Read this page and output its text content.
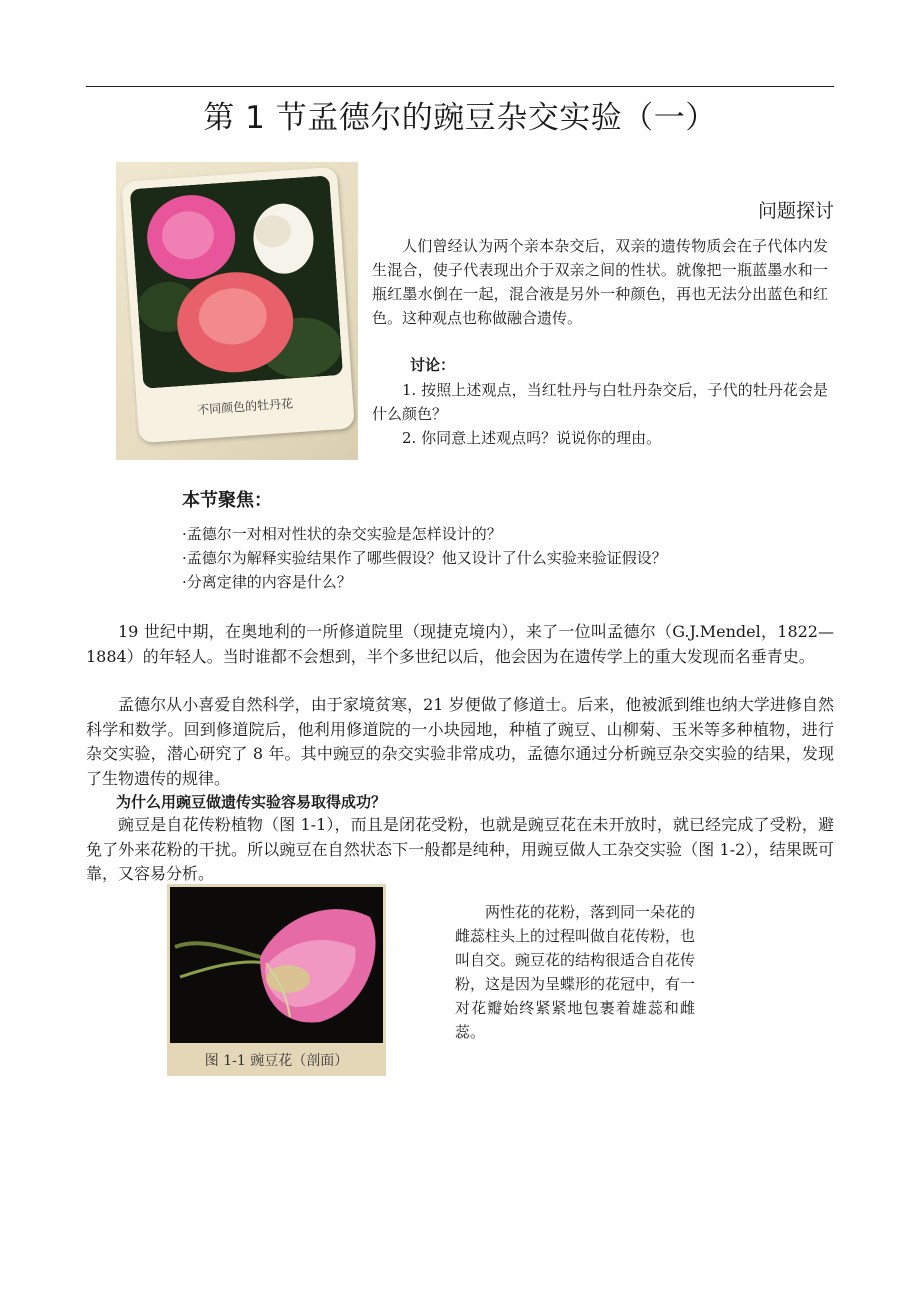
第 1 节孟德尔的豌豆杂交实验（一）
不同颜色的牡丹花
问题探讨

人们曾经认为两个亲本杂交后，双亲的遗传物质会在子代体内发生混合，使子代表现出介于双亲之间的性状。就像把一瓶蓝墨水和一瓶红墨水倒在一起，混合液是另外一种颜色，再也无法分出蓝色和红色。这种观点也称做融合遗传。

讨论：

1. 按照上述观点，当红牡丹与白牡丹杂交后，子代的牡丹花会是什么颜色？

2. 你同意上述观点吗？说说你的理由。

本节聚焦：
·孟德尔一对相对性状的杂交实验是怎样设计的？
·孟德尔为解释实验结果作了哪些假设？他又设计了什么实验来验证假设？
·分离定律的内容是什么？

19 世纪中期，在奥地利的一所修道院里（现捷克境内），来了一位叫孟德尔（G.J.Mendel，1822—1884）的年轻人。当时谁都不会想到，半个多世纪以后，他会因为在遗传学上的重大发现而名垂青史。

孟德尔从小喜爱自然科学，由于家境贫寒，21 岁便做了修道士。后来，他被派到维也纳大学进修自然科学和数学。回到修道院后，他利用修道院的一小块园地，种植了豌豆、山柳菊、玉米等多种植物，进行杂交实验，潜心研究了 8 年。其中豌豆的杂交实验非常成功，孟德尔通过分析豌豆杂交实验的结果，发现了生物遗传的规律。

为什么用豌豆做遗传实验容易取得成功？

豌豆是自花传粉植物（图 1-1），而且是闭花受粉，也就是豌豆花在未开放时，就已经完成了受粉，避免了外来花粉的干扰。所以豌豆在自然状态下一般都是纯种，用豌豆做人工杂交实验（图 1-2），结果既可靠，又容易分析。

图 1-1 豌豆花（剖面）

两性花的花粉，落到同一朵花的雌蕊柱头上的过程叫做自花传粉，也叫自交。豌豆花的结构很适合自花传粉，这是因为呈蝶形的花冠中，有一对花瓣始终紧紧地包裹着雄蕊和雌蕊。
